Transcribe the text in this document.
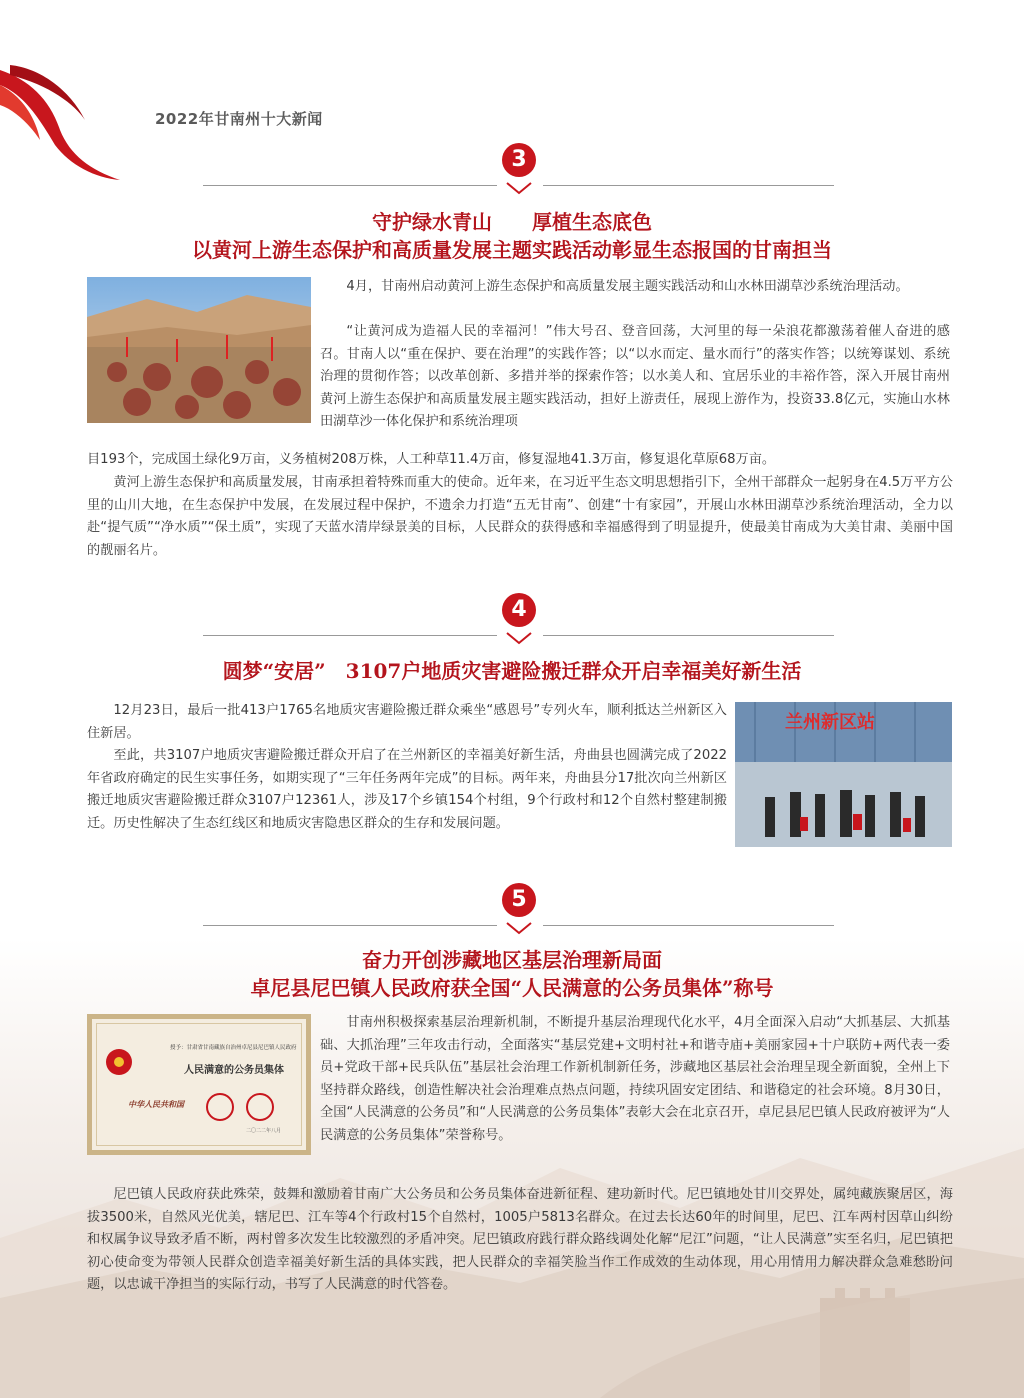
2022年甘南州十大新闻
3
守护绿水青山　　厚植生态底色
以黄河上游生态保护和高质量发展主题实践活动彰显生态报国的甘南担当
4月，甘南州启动黄河上游生态保护和高质量发展主题实践活动和山水林田湖草沙系统治理活动。
“让黄河成为造福人民的幸福河！”伟大号召、登音回荡，大河里的每一朵浪花都激荡着催人奋进的感召。甘南人以“重在保护、要在治理”的实践作答；以“以水而定、量水而行”的落实作答；以统筹谋划、系统治理的贯彻作答；以改革创新、多措并举的探索作答；以水美人和、宜居乐业的丰裕作答，深入开展甘南州黄河上游生态保护和高质量发展主题实践活动，担好上游责任，展现上游作为，投资33.8亿元，实施山水林田湖草沙一体化保护和系统治理项
目193个，完成国土绿化9万亩，义务植树208万株，人工种草11.4万亩，修复湿地41.3万亩，修复退化草原68万亩。
黄河上游生态保护和高质量发展，甘南承担着特殊而重大的使命。近年来，在习近平生态文明思想指引下，全州干部群众一起躬身在4.5万平方公里的山川大地，在生态保护中发展，在发展过程中保护，不遗余力打造“五无甘南”、创建“十有家园”，开展山水林田湖草沙系统治理活动，全力以赴“提气质”“净水质”“保土质”，实现了天蓝水清岸绿景美的目标，人民群众的获得感和幸福感得到了明显提升，使最美甘南成为大美甘肃、美丽中国的靓丽名片。
4
圆梦“安居”　3107户地质灾害避险搬迁群众开启幸福美好新生活
12月23日，最后一批413户1765名地质灾害避险搬迁群众乘坐“感恩号”专列火车，顺利抵达兰州新区入住新居。
至此，共3107户地质灾害避险搬迁群众开启了在兰州新区的幸福美好新生活，舟曲县也圆满完成了2022年省政府确定的民生实事任务，如期实现了“三年任务两年完成”的目标。两年来，舟曲县分17批次向兰州新区搬迁地质灾害避险搬迁群众3107户12361人，涉及17个乡镇154个村组，9个行政村和12个自然村整建制搬迁。历史性解决了生态红线区和地质灾害隐患区群众的生存和发展问题。
兰州新区站
5
奋力开创涉藏地区基层治理新局面
卓尼县尼巴镇人民政府获全国“人民满意的公务员集体”称号
授予：甘肃省甘南藏族自治州卓尼县尼巴镇人民政府
人民满意的公务员集体
中华人民共和国
二〇二二年八月
甘南州积极探索基层治理新机制，不断提升基层治理现代化水平，4月全面深入启动“大抓基层、大抓基础、大抓治理”三年攻击行动，全面落实“基层党建+文明村社+和谐寺庙+美丽家园+十户联防+两代表一委员+党政干部+民兵队伍”基层社会治理工作新机制新任务，涉藏地区基层社会治理呈现全新面貌，全州上下坚持群众路线，创造性解决社会治理难点热点问题，持续巩固安定团结、和谐稳定的社会环境。8月30日，全国“人民满意的公务员”和“人民满意的公务员集体”表彰大会在北京召开，卓尼县尼巴镇人民政府被评为“人民满意的公务员集体”荣誉称号。
尼巴镇人民政府获此殊荣，鼓舞和激励着甘南广大公务员和公务员集体奋进新征程、建功新时代。尼巴镇地处甘川交界处，属纯藏族聚居区，海拔3500米，自然风光优美，辖尼巴、江车等4个行政村15个自然村，1005户5813名群众。在过去长达60年的时间里，尼巴、江车两村因草山纠纷和权属争议导致矛盾不断，两村曾多次发生比较激烈的矛盾冲突。尼巴镇政府践行群众路线调处化解“尼江”问题，“让人民满意”实至名归，尼巴镇把初心使命变为带领人民群众创造幸福美好新生活的具体实践，把人民群众的幸福笑脸当作工作成效的生动体现，用心用情用力解决群众急难愁盼问题，以忠诚干净担当的实际行动，书写了人民满意的时代答卷。
